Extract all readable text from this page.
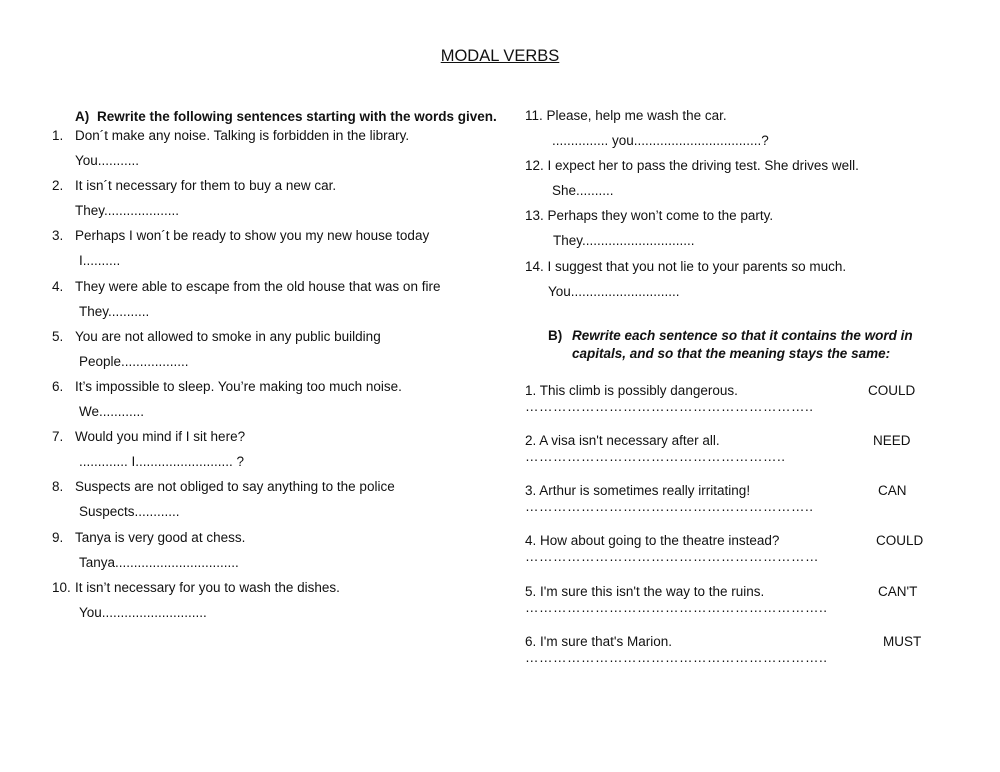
MODAL VERBS
A) Rewrite the following sentences starting with the words given.
1. Don´t make any noise. Talking is forbidden in the library.
You...........
2. It isn´t necessary for them to buy a new car.
They....................
3. Perhaps I won´t be ready to show you my new house today
I..........
4. They were able to escape from the old house that was on fire
They...........
5. You are not allowed to smoke in any public building
People..................
6. It’s impossible to sleep. You’re making too much noise.
We............
7. Would you mind if I sit here?
............. I.......................... ?
8. Suspects are not obliged to say anything to the police
Suspects............
9. Tanya is very good at chess.
Tanya.................................
10. It isn’t necessary for you to wash the dishes.
You............................
11. Please, help me wash the car.
............... you..................................?
12. I expect her to pass the driving test. She drives well.
She..........
13. Perhaps they won’t come to the party.
They..............................
14. I suggest that you not lie to your parents so much.
You.............................
B) Rewrite each sentence so that it contains the word in
capitals, and so that the meaning stays the same:
1. This climb is possibly dangerous.	COULD
……………………………………………………..
2. A visa isn't necessary after all.	NEED
………………………………………………..
3. Arthur is sometimes really irritating!	CAN
……………………………………………………..
4. How about going to the theatre instead?	COULD
………………………………………………………
5. I'm sure this isn't the way to the ruins.	CAN'T
………………………………………………………..
6. I'm sure that's Marion.	MUST
………………………………………………………..
